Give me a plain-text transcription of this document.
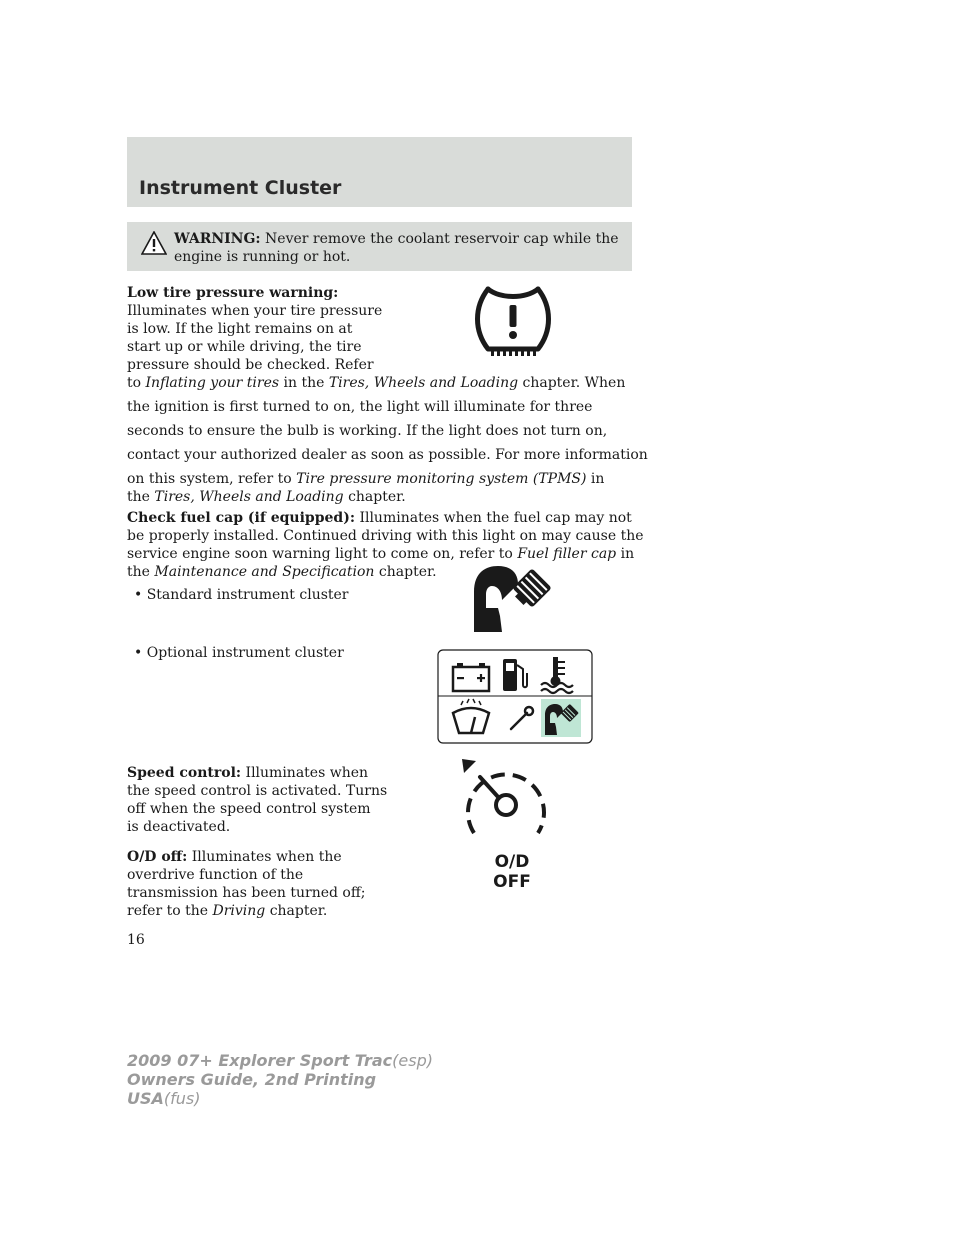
Instrument Cluster

WARNING: Never remove the coolant reservoir cap while the
engine is running or hot.

Low tire pressure warning:

Illuminates when your tire pressure

is low. If the light remains on at

start up or while driving, the tire

pressure should be checked. Refer

to Inflating your tires in the Tires, Wheels and Loading chapter. When

the ignition is first turned to on, the light will illuminate for three

seconds to ensure the bulb is working. If the light does not turn on,

contact your authorized dealer as soon as possible. For more information

on this system, refer to Tire pressure monitoring system (TPMS) in

the Tires, Wheels and Loading chapter.

Check fuel cap (if equipped): Illuminates when the fuel cap may not

be properly installed. Continued driving with this light on may cause the

service engine soon warning light to come on, refer to Fuel filler cap in

the Maintenance and Specification chapter.

• Standard instrument cluster

• Optional instrument cluster

Speed control: Illuminates when

the speed control is activated. Turns

off when the speed control system

is deactivated.

O/D off: Illuminates when the

overdrive function of the

transmission has been turned off;

refer to the Driving chapter.

O/D
OFF

16

2009 07+ Explorer Sport Trac(esp)
Owners Guide, 2nd Printing
USA(fus)
